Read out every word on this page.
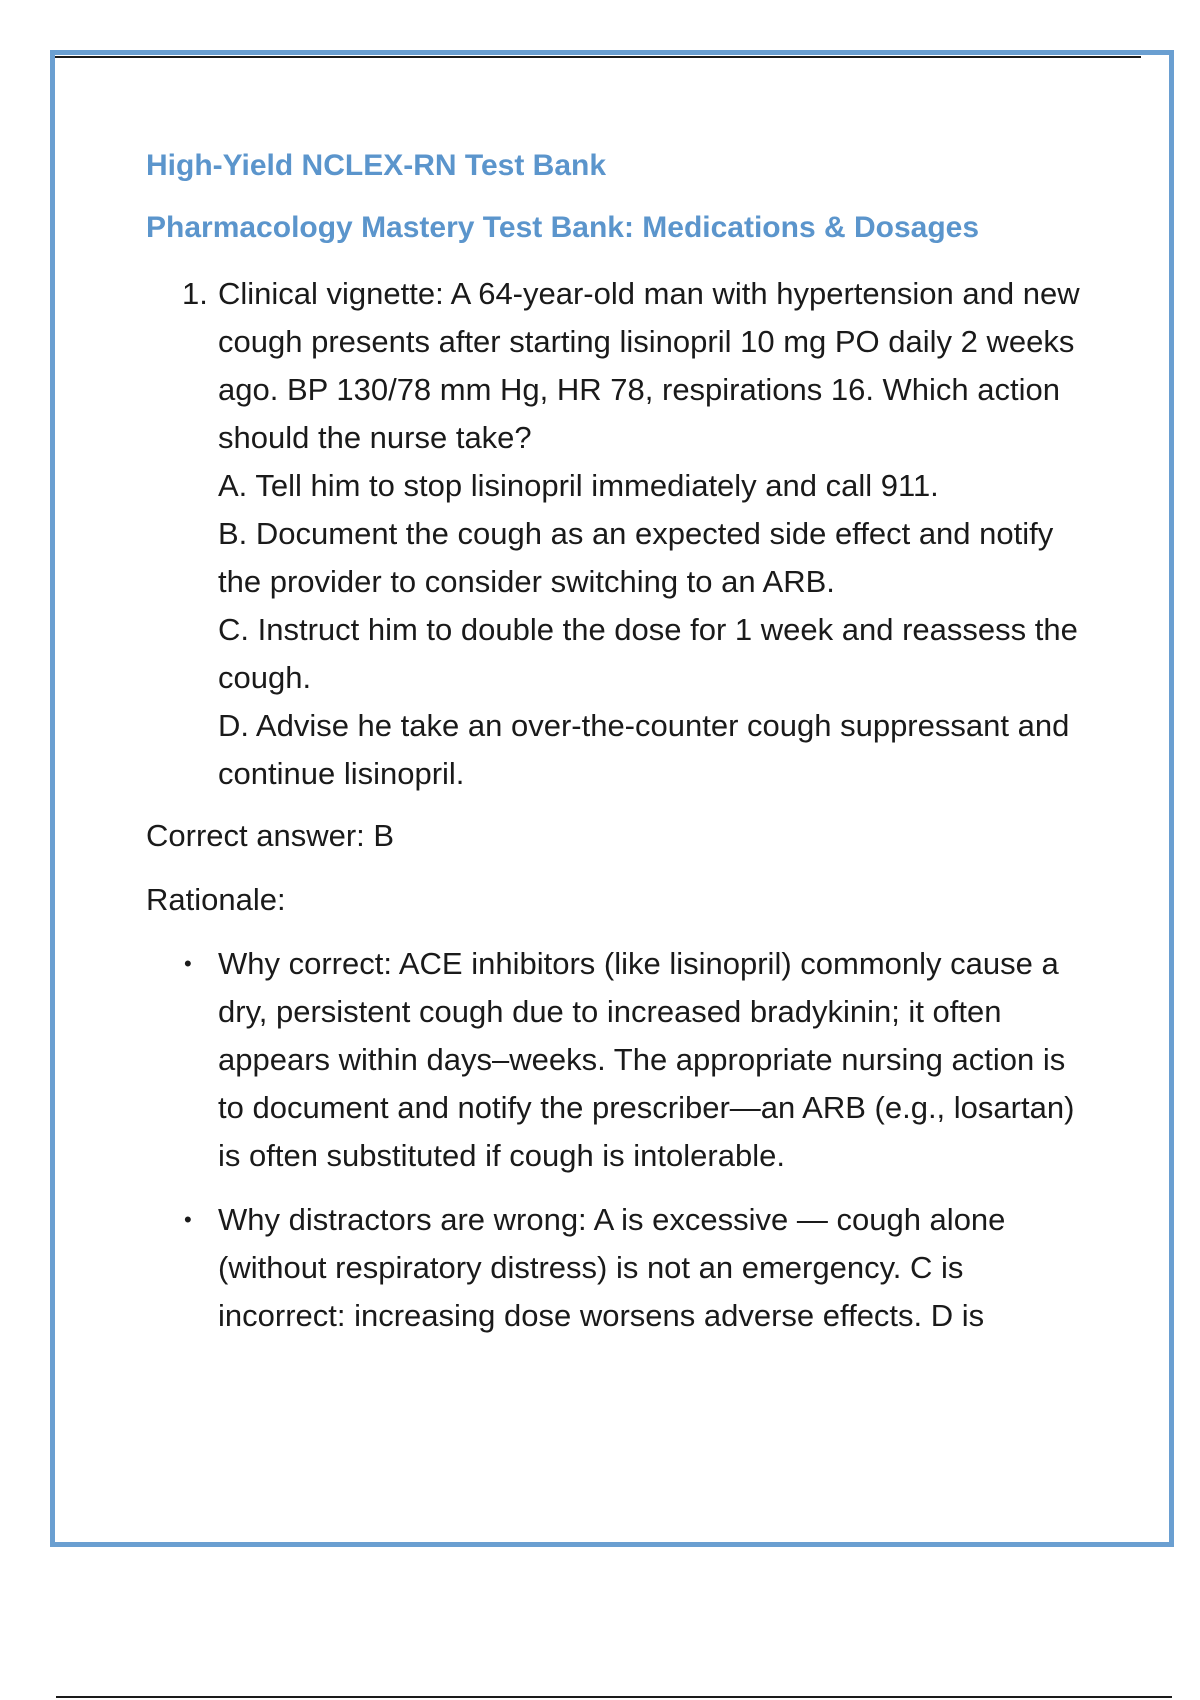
High-Yield NCLEX-RN Test Bank
Pharmacology Mastery Test Bank: Medications & Dosages
1. Clinical vignette: A 64-year-old man with hypertension and new cough presents after starting lisinopril 10 mg PO daily 2 weeks ago. BP 130/78 mm Hg, HR 78, respirations 16. Which action should the nurse take?
A. Tell him to stop lisinopril immediately and call 911.
B. Document the cough as an expected side effect and notify the provider to consider switching to an ARB.
C. Instruct him to double the dose for 1 week and reassess the cough.
D. Advise he take an over-the-counter cough suppressant and continue lisinopril.

Correct answer: B

Rationale:

• Why correct: ACE inhibitors (like lisinopril) commonly cause a dry, persistent cough due to increased bradykinin; it often appears within days–weeks. The appropriate nursing action is to document and notify the prescriber—an ARB (e.g., losartan) is often substituted if cough is intolerable.
• Why distractors are wrong: A is excessive — cough alone (without respiratory distress) is not an emergency. C is incorrect: increasing dose worsens adverse effects. D is
